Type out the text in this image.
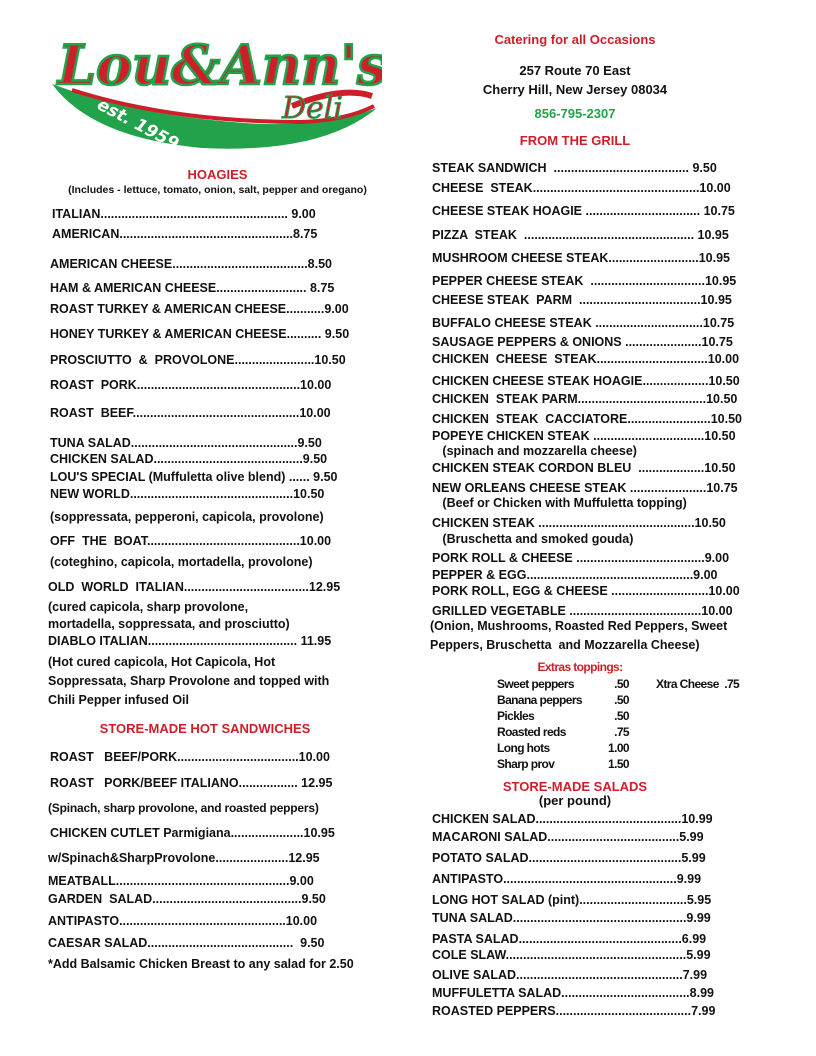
Lou&Ann's
Deli
est. 1959
Catering for all Occasions
257 Route 70 East
Cherry Hill, New Jersey 08034
856-795-2307
HOAGIES
(Includes - lettuce, tomato, onion, salt, pepper and oregano)
ITALIAN...................................................... 9.00
AMERICAN..................................................8.75
AMERICAN CHEESE.......................................8.50
HAM & AMERICAN CHEESE.......................... 8.75
ROAST TURKEY & AMERICAN CHEESE...........9.00
HONEY TURKEY & AMERICAN CHEESE.......... 9.50
PROSCIUTTO  &  PROVOLONE.......................10.50
ROAST  PORK...............................................10.00
ROAST  BEEF................................................10.00
TUNA SALAD................................................9.50
CHICKEN SALAD...........................................9.50
LOU'S SPECIAL (Muffuletta olive blend) ...... 9.50
NEW WORLD...............................................10.50
(soppressata, pepperoni, capicola, provolone)
OFF  THE  BOAT............................................10.00
(coteghino, capicola, mortadella, provolone)
OLD  WORLD  ITALIAN....................................12.95
(cured capicola, sharp provolone,
mortadella, soppressata, and prosciutto)
DIABLO ITALIAN........................................... 11.95
(Hot cured capicola, Hot Capicola, Hot
Soppressata, Sharp Provolone and topped with
Chili Pepper infused Oil
STORE-MADE HOT SANDWICHES
ROAST   BEEF/PORK...................................10.00
ROAST   PORK/BEEF ITALIANO................. 12.95
(Spinach, sharp provolone, and roasted peppers)
CHICKEN CUTLET Parmigiana.....................10.95
w/Spinach&SharpProvolone.....................12.95
MEATBALL..................................................9.00
GARDEN  SALAD...........................................9.50
ANTIPASTO................................................10.00
CAESAR SALAD..........................................  9.50
*Add Balsamic Chicken Breast to any salad for 2.50
FROM THE GRILL
STEAK SANDWICH  ....................................... 9.50
CHEESE  STEAK................................................10.00
CHEESE STEAK HOAGIE ................................. 10.75
PIZZA  STEAK  ................................................. 10.95
MUSHROOM CHEESE STEAK..........................10.95
PEPPER CHEESE STEAK  .................................10.95
CHEESE STEAK  PARM  ...................................10.95
BUFFALO CHEESE STEAK ...............................10.75
SAUSAGE PEPPERS & ONIONS ......................10.75
CHICKEN  CHEESE  STEAK................................10.00
CHICKEN CHEESE STEAK HOAGIE...................10.50
CHICKEN  STEAK PARM.....................................10.50
CHICKEN  STEAK  CACCIATORE........................10.50
POPEYE CHICKEN STEAK ................................10.50
(spinach and mozzarella cheese)
CHICKEN STEAK CORDON BLEU  ...................10.50
NEW ORLEANS CHEESE STEAK ......................10.75
(Beef or Chicken with Muffuletta topping)
CHICKEN STEAK .............................................10.50
(Bruschetta and smoked gouda)
PORK ROLL & CHEESE .....................................9.00
PEPPER & EGG................................................9.00
PORK ROLL, EGG & CHEESE ............................10.00
GRILLED VEGETABLE ......................................10.00
(Onion, Mushrooms, Roasted Red Peppers, Sweet
Peppers, Bruschetta  and Mozzarella Cheese)
Extras toppings:
Sweet peppers	.50
Banana peppers	.50
Pickles	.50
Roasted reds	.75
Long hots	1.00
Sharp prov	1.50
Xtra Cheese  .75
STORE-MADE SALADS
(per pound)
CHICKEN SALAD..........................................10.99
MACARONI SALAD......................................5.99
POTATO SALAD............................................5.99
ANTIPASTO..................................................9.99
LONG HOT SALAD (pint)...............................5.95
TUNA SALAD..................................................9.99
PASTA SALAD...............................................6.99
COLE SLAW....................................................5.99
OLIVE SALAD................................................7.99
MUFFULETTA SALAD.....................................8.99
ROASTED PEPPERS.......................................7.99
